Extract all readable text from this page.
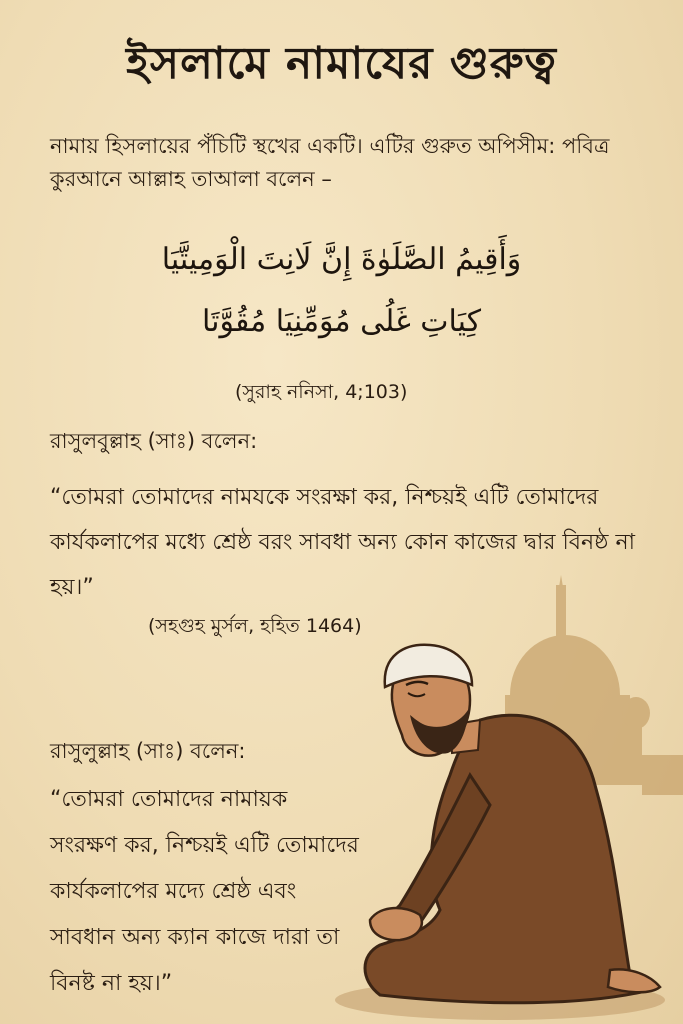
ইসলামে নামাযের গুরুত্ব
নামায় হিসলায়ের পঁচিটি স্থখের একটি। এটির গুরুত অপিসীম: পবিত্র কুরআনে আল্লাহ তাআলা বলেন –
وَأَقِيمُ الصَّلَوٰةَ إِنَّ لَانِتَ الْوَمِيتَّيَا
كِيَاتِ غَلُى مُوَمِّنِيَا مُقُوَّتَا
(সুরাহ ননিসা, 4;103)
রাসুলবুল্লাহ (সাঃ) বলেন:
“তোমরা তোমাদের নামযকে সংরক্ষা কর, নিশ্চয়ই এটি তোমাদের কার্যকলাপের মধ্যে শ্রেষ্ঠ বরং সাবধা অন্য কোন কাজের দ্বার বিনষ্ঠ না হয়।”
(সহগুহ মুর্সল, হহিত 1464)
রাসুলুল্লাহ (সাঃ) বলেন:
“তোমরা তোমাদের নামায়ক সংরক্ষণ কর, নিশ্চয়ই এটি তোমাদের কার্যকলাপের মদ্যে শ্রেষ্ঠ এবং সাবধান অন্য ক্যান কাজে দারা তা বিনষ্ট না হয়।”
